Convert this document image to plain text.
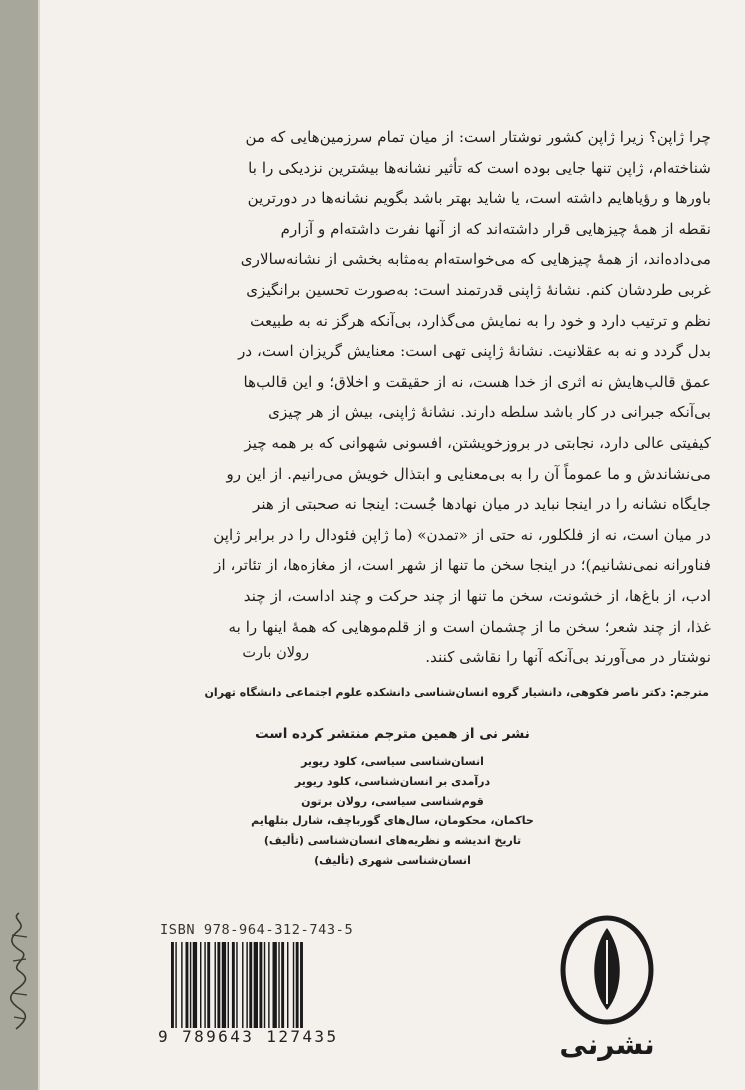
چرا ژاپن؟ زیرا ژاپن کشور نوشتار است: از میان تمام سرزمین‌هایی که من

شناخته‌ام، ژاپن تنها جایی بوده است که تأثیر نشانه‌ها بیشترین نزدیکی را با

باورها و رؤیاهایم داشته است، یا شاید بهتر باشد بگویم نشانه‌ها در دورترین

نقطه از همهٔ چیزهایی قرار داشته‌اند که از آنها نفرت داشته‌ام و آزارم

می‌داده‌اند، از همهٔ چیزهایی که می‌خواسته‌ام به‌مثابه بخشی از نشانه‌سالاری

غربی طردشان کنم. نشانهٔ ژاپنی قدرتمند است: به‌صورت تحسین برانگیزی

نظم و ترتیب دارد و خود را به نمایش می‌گذارد، بی‌آنکه هرگز نه به طبیعت

بدل گردد و نه به عقلانیت. نشانهٔ ژاپنی تهی است: معنایش گریزان است، در

عمق قالب‌هایش نه اثری از خدا هست، نه از حقیقت و اخلاق؛ و این قالب‌ها

بی‌آنکه جبرانی در کار باشد سلطه دارند. نشانهٔ ژاپنی، بیش از هر چیزی

کیفیتی عالی دارد، نجابتی در بروزخویشتن، افسونی شهوانی که بر همه چیز

می‌نشاندش و ما عموماً آن را به بی‌معنایی و ابتذال خویش می‌رانیم. از این رو

جایگاه نشانه را در اینجا نباید در میان نهادها جُست: اینجا نه صحبتی از هنر

در میان است، نه از فلکلور، نه حتی از «تمدن» (ما ژاپن فئودال را در برابر ژاپن

فناورانه نمی‌نشانیم)؛ در اینجا سخن ما تنها از شهر است، از مغازه‌ها، از تئاتر، از

ادب، از باغ‌ها، از خشونت، سخن ما تنها از چند حرکت و چند اداست، از چند

غذا، از چند شعر؛ سخن ما از چشمان است و از قلم‌موهایی که همهٔ اینها را به

نوشتار در می‌آورند بی‌آنکه آنها را نقاشی کنند.

رولان بارت
مترجم: دکتر ناصر فکوهی، دانشیار گروه انسان‌شناسی دانشکده علوم اجتماعی دانشگاه تهران
نشر نی از همین مترجم منتشر کرده است
انسان‌شناسی سیاسی، کلود ریویر
درآمدی بر انسان‌شناسی، کلود ریویر
قوم‌شناسی سیاسی، رولان برتون
حاکمان، محکومان، سال‌های گورباچف، شارل بتلهایم
تاریخ اندیشه و نظریه‌های انسان‌شناسی (تألیف)
انسان‌شناسی شهری (تألیف)
ISBN 978-964-312-743-5
9 789643 127435	نشرنی
